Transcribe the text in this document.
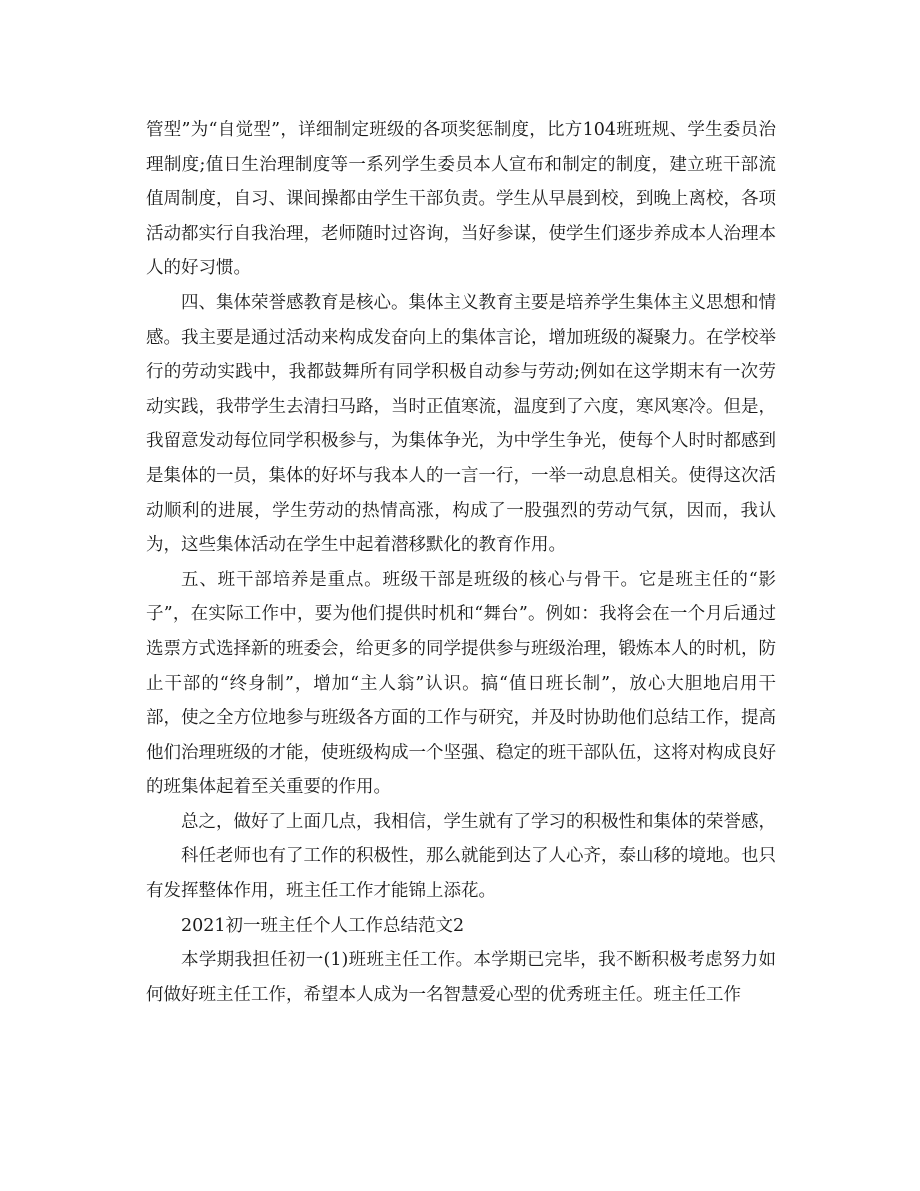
管型”为“自觉型”，详细制定班级的各项奖惩制度，比方104班班规、学生委员治理制度;值日生治理制度等一系列学生委员本人宣布和制定的制度，建立班干部流值周制度，自习、课间操都由学生干部负责。学生从早晨到校，到晚上离校，各项活动都实行自我治理，老师随时过咨询，当好参谋，使学生们逐步养成本人治理本人的好习惯。

四、集体荣誉感教育是核心。集体主义教育主要是培养学生集体主义思想和情感。我主要是通过活动来构成发奋向上的集体言论，增加班级的凝聚力。在学校举行的劳动实践中，我都鼓舞所有同学积极自动参与劳动;例如在这学期末有一次劳动实践，我带学生去清扫马路，当时正值寒流，温度到了六度，寒风寒冷。但是，我留意发动每位同学积极参与，为集体争光，为中学生争光，使每个人时时都感到是集体的一员，集体的好坏与我本人的一言一行，一举一动息息相关。使得这次活动顺利的进展，学生劳动的热情高涨，构成了一股强烈的劳动气氛，因而，我认为，这些集体活动在学生中起着潜移默化的教育作用。

五、班干部培养是重点。班级干部是班级的核心与骨干。它是班主任的“影子”，在实际工作中，要为他们提供时机和“舞台”。例如：我将会在一个月后通过选票方式选择新的班委会，给更多的同学提供参与班级治理，锻炼本人的时机，防止干部的“终身制”，增加“主人翁”认识。搞“值日班长制”，放心大胆地启用干部，使之全方位地参与班级各方面的工作与研究，并及时协助他们总结工作，提高他们治理班级的才能，使班级构成一个坚强、稳定的班干部队伍，这将对构成良好的班集体起着至关重要的作用。

总之，做好了上面几点，我相信，学生就有了学习的积极性和集体的荣誉感，

科任老师也有了工作的积极性，那么就能到达了人心齐，泰山移的境地。也只有发挥整体作用，班主任工作才能锦上添花。

2021初一班主任个人工作总结范文2

本学期我担任初一(1)班班主任工作。本学期已完毕，我不断积极考虑努力如何做好班主任工作，希望本人成为一名智慧爱心型的优秀班主任。班主任工作
